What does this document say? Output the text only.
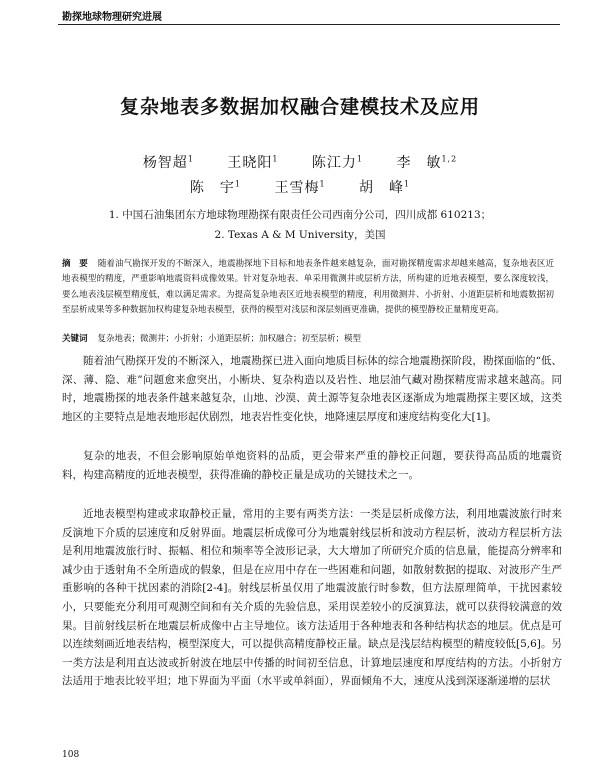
勘探地球物理研究进展
复杂地表多数据加权融合建模技术及应用
杨智超$^1$ 王晓阳$^1$ 陈江力$^1$ 李　敏$^{1,2}$
陈　宇$^1$ 王雪梅$^1$ 胡　峰$^1$
1. 中国石油集团东方地球物理勘探有限责任公司西南分公司，四川成都 610213；
2. Texas A & M University，美国

摘　要 随着油气勘探开发的不断深入，地震勘探地下目标和地表条件越来越复杂，面对勘探精度需求却越来越高，复杂地表区近地表模型的精度，严重影响地震资料成像效果。针对复杂地表、单采用微测井或层析方法，所构建的近地表模型，要么深度较浅，要么地表浅层模型精度低，难以满足需求。为提高复杂地表区近地表模型的精度，利用微测井、小折射、小道距层析和地震数据初至层析成果等多种数据加权构建复杂地表模型，获得的模型对浅层和深层刻画更准确，提供的模型静校正量精度更高。

关键词 复杂地表；微测井；小折射；小道距层析；加权融合；初至层析；模型

随着油气勘探开发的不断深入，地震勘探已进入面向地质目标体的综合地震勘探阶段，勘探面临的“低、深、薄、隐、难”问题愈来愈突出，小断块、复杂构造以及岩性、地层油气藏对勘探精度需求越来越高。同时，地震勘探的地表条件越来越复杂，山地、沙漠、黄土源等复杂地表区逐渐成为地震勘探主要区域，这类地区的主要特点是地表地形起伏剧烈，地表岩性变化快，地降速层厚度和速度结构变化大[1]。

复杂的地表，不但会影响原始单炮资料的品质，更会带来严重的静校正问题，要获得高品质的地震资料，构建高精度的近地表模型，获得准确的静校正量是成功的关键技术之一。

近地表模型构建或求取静校正量，常用的主要有两类方法：一类是层析成像方法，利用地震波旅行时来反演地下介质的层速度和反射界面。地震层析成像可分为地震射线层析和波动方程层析，波动方程层析方法是利用地震波旅行时、振幅、相位和频率等全波形记录，大大增加了所研究介质的信息量，能提高分辨率和减少由于透射角不全所造成的假象，但是在应用中存在一些困难和问题，如散射数据的提取、对波形产生严重影响的各种干扰因素的消除[2-4]。射线层析虽仅用了地震波旅行时参数，但方法原理简单，干扰因素较小，只要能充分利用可观测空间和有关介质的先验信息，采用误差较小的反演算法，就可以获得较满意的效果。目前射线层析在地震层析成像中占主导地位。该方法适用于各种地表和各种结构状态的地层。优点是可以连续刻画近地表结构，模型深度大，可以提供高精度静校正量。缺点是浅层结构模型的精度较低[5,6]。另一类方法是利用直达波或折射波在地层中传播的时间初至信息，计算地层速度和厚度结构的方法。小折射方法适用于地表比较平坦；地下界面为平面（水平或单斜面），界面倾角不大，速度从浅到深逐渐递增的层状

108
